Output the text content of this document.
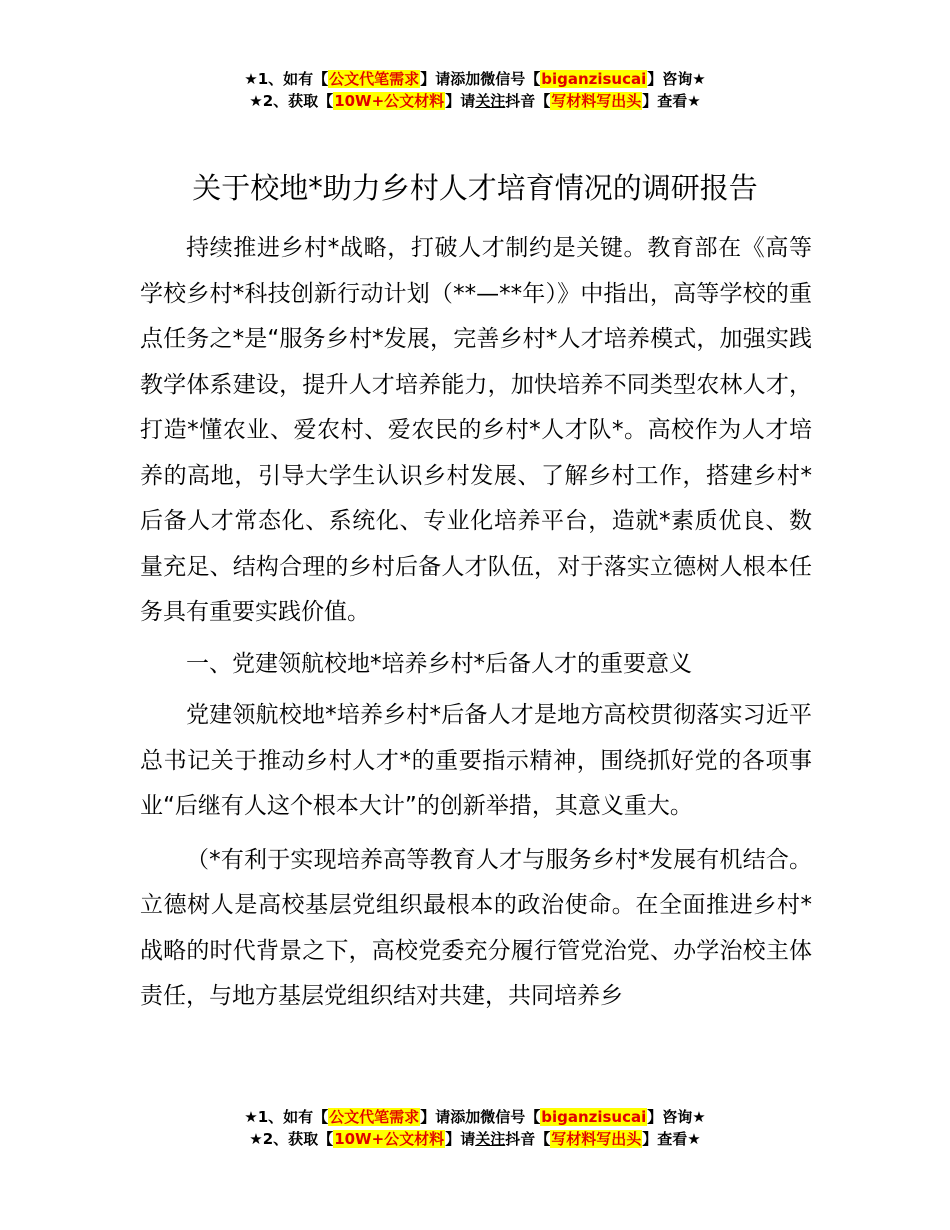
★1、如有【公文代笔需求】请添加微信号【biganzisucai】咨询★
★2、获取【10W+公文材料】请关注抖音【写材料写出头】查看★
关于校地*助力乡村人才培育情况的调研报告

持续推进乡村*战略，打破人才制约是关键。教育部在《高等学校乡村*科技创新行动计划（**—**年）》中指出，高等学校的重点任务之*是“服务乡村*发展，完善乡村*人才培养模式，加强实践教学体系建设，提升人才培养能力，加快培养不同类型农林人才，打造*懂农业、爱农村、爱农民的乡村*人才队*。高校作为人才培养的高地，引导大学生认识乡村发展、了解乡村工作，搭建乡村*后备人才常态化、系统化、专业化培养平台，造就*素质优良、数量充足、结构合理的乡村后备人才队伍，对于落实立德树人根本任务具有重要实践价值。

一、党建领航校地*培养乡村*后备人才的重要意义

党建领航校地*培养乡村*后备人才是地方高校贯彻落实习近平总书记关于推动乡村人才*的重要指示精神，围绕抓好党的各项事业“后继有人这个根本大计”的创新举措，其意义重大。

（*有利于实现培养高等教育人才与服务乡村*发展有机结合。立德树人是高校基层党组织最根本的政治使命。在全面推进乡村*战略的时代背景之下，高校党委充分履行管党治党、办学治校主体责任，与地方基层党组织结对共建，共同培养乡

★1、如有【公文代笔需求】请添加微信号【biganzisucai】咨询★
★2、获取【10W+公文材料】请关注抖音【写材料写出头】查看★
